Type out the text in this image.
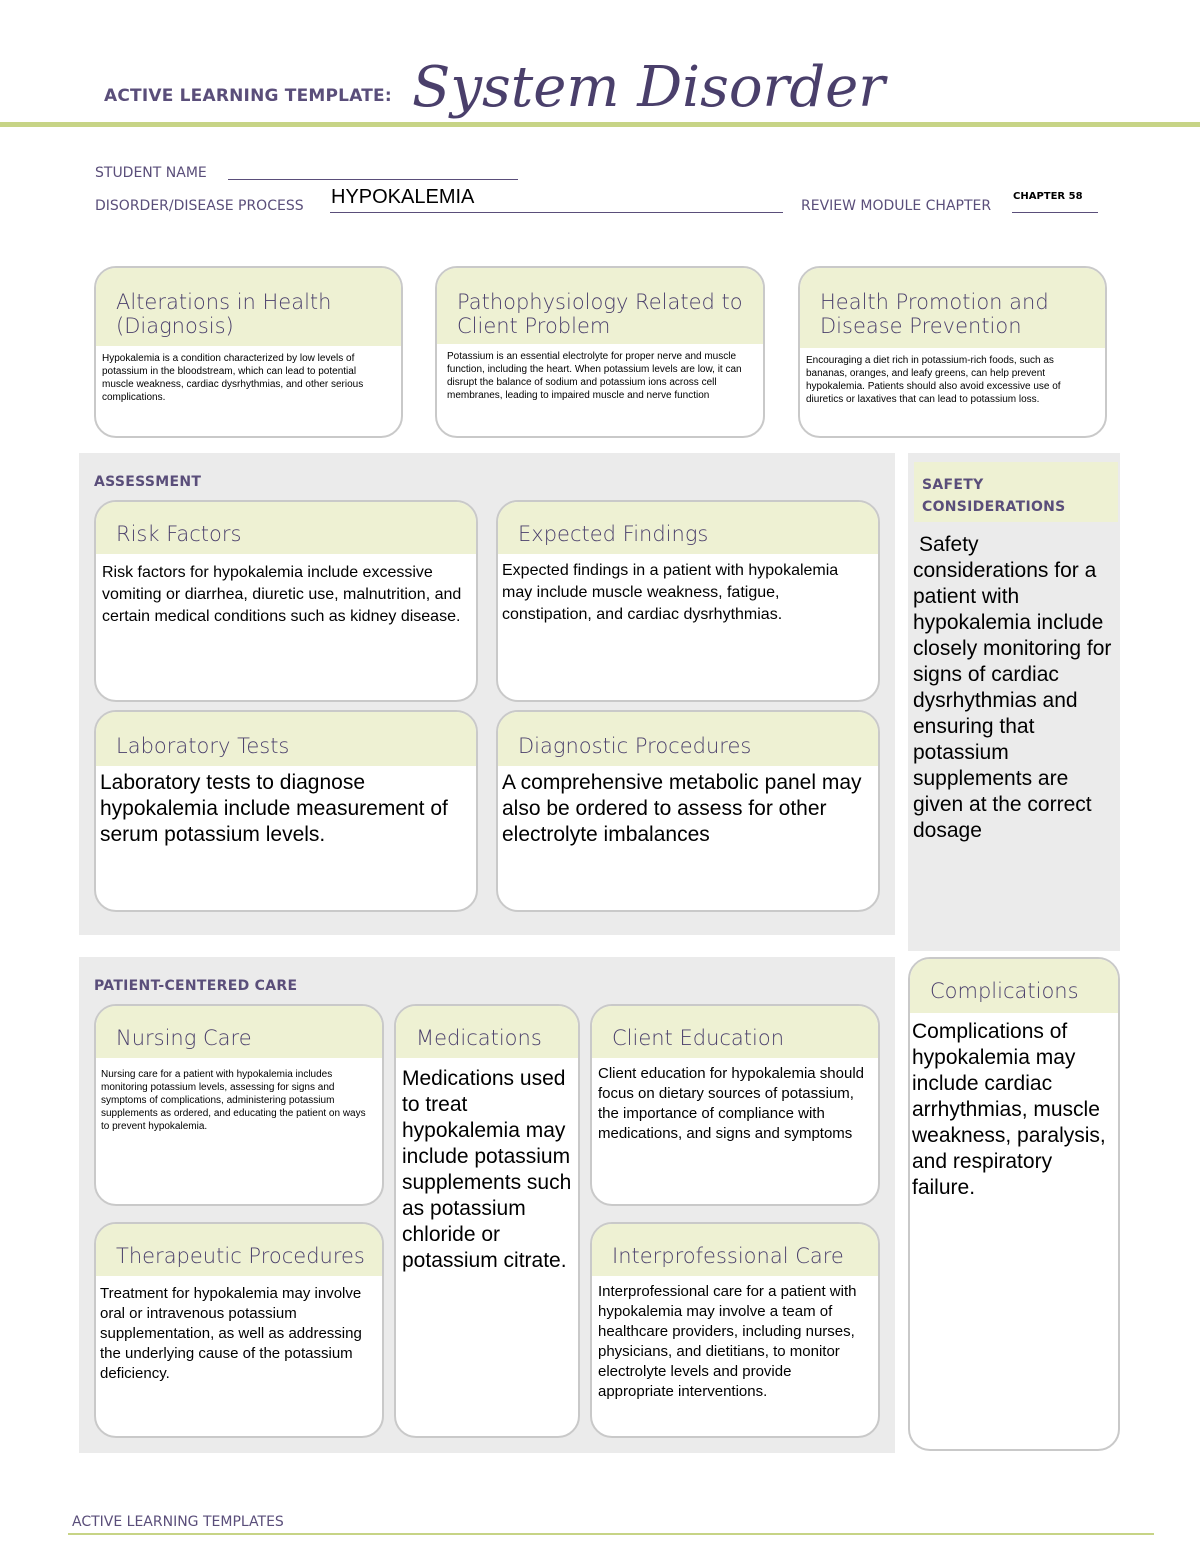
ACTIVE LEARNING TEMPLATE: System Disorder
STUDENT NAME
DISORDER/DISEASE PROCESS HYPOKALEMIA	REVIEW MODULE CHAPTER
CHAPTER 58
Alterations in Health (Diagnosis)
Hypokalemia is a condition characterized by low levels of potassium in the bloodstream, which can lead to potential muscle weakness, cardiac dysrhythmias, and other serious complications.
Pathophysiology Related to Client Problem
Potassium is an essential electrolyte for proper nerve and muscle function, including the heart. When potassium levels are low, it can disrupt the balance of sodium and potassium ions across cell membranes, leading to impaired muscle and nerve function
Health Promotion and Disease Prevention
Encouraging a diet rich in potassium-rich foods, such as bananas, oranges, and leafy greens, can help prevent hypokalemia. Patients should also avoid excessive use of diuretics or laxatives that can lead to potassium loss.
ASSESSMENT
Risk Factors
Risk factors for hypokalemia include excessive vomiting or diarrhea, diuretic use, malnutrition, and certain medical conditions such as kidney disease.
Expected Findings
Expected findings in a patient with hypokalemia may include muscle weakness, fatigue, constipation, and cardiac dysrhythmias.
Laboratory Tests
Laboratory tests to diagnose hypokalemia include measurement of serum potassium levels.
Diagnostic Procedures
A comprehensive metabolic panel may also be ordered to assess for other electrolyte imbalances
SAFETY CONSIDERATIONS
Safety considerations for a patient with hypokalemia include closely monitoring for signs of cardiac dysrhythmias and ensuring that potassium supplements are given at the correct dosage
PATIENT-CENTERED CARE
Nursing Care
Nursing care for a patient with hypokalemia includes monitoring potassium levels, assessing for signs and symptoms of complications, administering potassium supplements as ordered, and educating the patient on ways to prevent hypokalemia.
Medications
Medications used to treat hypokalemia may include potassium supplements such as potassium chloride or potassium citrate.
Client Education
Client education for hypokalemia should focus on dietary sources of potassium, the importance of compliance with medications, and signs and symptoms
Therapeutic Procedures
Treatment for hypokalemia may involve oral or intravenous potassium supplementation, as well as addressing the underlying cause of the potassium deficiency.
Interprofessional Care
Interprofessional care for a patient with hypokalemia may involve a team of healthcare providers, including nurses, physicians, and dietitians, to monitor electrolyte levels and provide appropriate interventions.
Complications
Complications of hypokalemia may include cardiac arrhythmias, muscle weakness, paralysis, and respiratory failure.
ACTIVE LEARNING TEMPLATES
